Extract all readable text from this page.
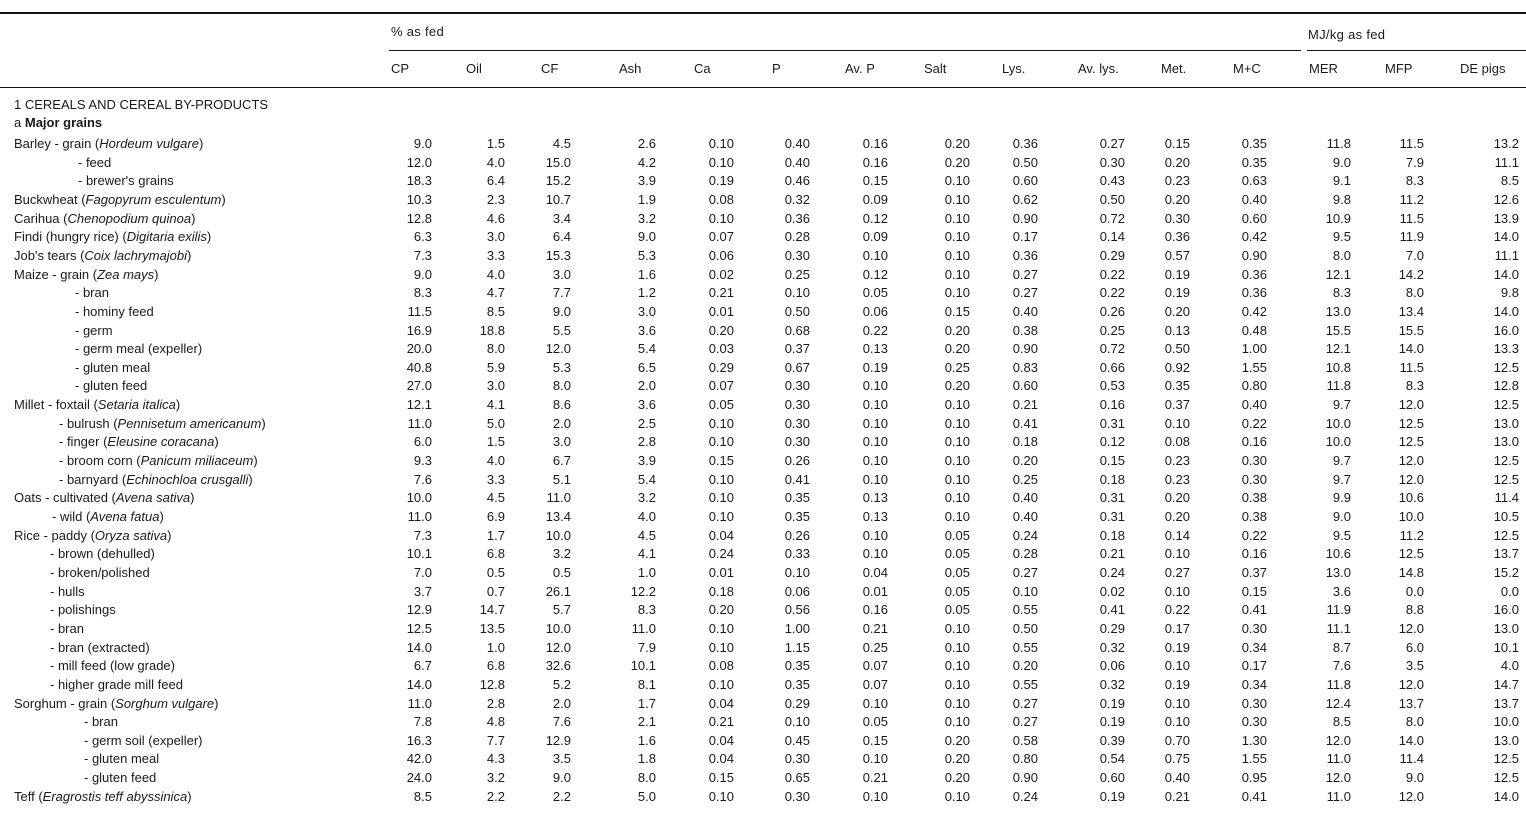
% as fed	MJ/kg as fed
CP	Oil	CF	Ash	Ca	P	Av. P	Salt	Lys.	Av. lys.	Met.	M+C	MER	MFP	DE pigs
1 CEREALS AND CEREAL BY-PRODUCTS
a Major grains
Barley - grain (Hordeum vulgare)	9.0	1.5	4.5	2.6	0.10	0.40	0.16	0.20	0.36	0.27	0.15	0.35	11.8	11.5	13.2
- feed	12.0	4.0	15.0	4.2	0.10	0.40	0.16	0.20	0.50	0.30	0.20	0.35	9.0	7.9	11.1
- brewer's grains	18.3	6.4	15.2	3.9	0.19	0.46	0.15	0.10	0.60	0.43	0.23	0.63	9.1	8.3	8.5
Buckwheat (Fagopyrum esculentum)	10.3	2.3	10.7	1.9	0.08	0.32	0.09	0.10	0.62	0.50	0.20	0.40	9.8	11.2	12.6
Carihua (Chenopodium quinoa)	12.8	4.6	3.4	3.2	0.10	0.36	0.12	0.10	0.90	0.72	0.30	0.60	10.9	11.5	13.9
Findi (hungry rice) (Digitaria exilis)	6.3	3.0	6.4	9.0	0.07	0.28	0.09	0.10	0.17	0.14	0.36	0.42	9.5	11.9	14.0
Job's tears (Coix lachrymajobi)	7.3	3.3	15.3	5.3	0.06	0.30	0.10	0.10	0.36	0.29	0.57	0.90	8.0	7.0	11.1
Maize - grain (Zea mays)	9.0	4.0	3.0	1.6	0.02	0.25	0.12	0.10	0.27	0.22	0.19	0.36	12.1	14.2	14.0
- bran	8.3	4.7	7.7	1.2	0.21	0.10	0.05	0.10	0.27	0.22	0.19	0.36	8.3	8.0	9.8
- hominy feed	11.5	8.5	9.0	3.0	0.01	0.50	0.06	0.15	0.40	0.26	0.20	0.42	13.0	13.4	14.0
- germ	16.9	18.8	5.5	3.6	0.20	0.68	0.22	0.20	0.38	0.25	0.13	0.48	15.5	15.5	16.0
- germ meal (expeller)	20.0	8.0	12.0	5.4	0.03	0.37	0.13	0.20	0.90	0.72	0.50	1.00	12.1	14.0	13.3
- gluten meal	40.8	5.9	5.3	6.5	0.29	0.67	0.19	0.25	0.83	0.66	0.92	1.55	10.8	11.5	12.5
- gluten feed	27.0	3.0	8.0	2.0	0.07	0.30	0.10	0.20	0.60	0.53	0.35	0.80	11.8	8.3	12.8
Millet - foxtail (Setaria italica)	12.1	4.1	8.6	3.6	0.05	0.30	0.10	0.10	0.21	0.16	0.37	0.40	9.7	12.0	12.5
- bulrush (Pennisetum americanum)	11.0	5.0	2.0	2.5	0.10	0.30	0.10	0.10	0.41	0.31	0.10	0.22	10.0	12.5	13.0
- finger (Eleusine coracana)	6.0	1.5	3.0	2.8	0.10	0.30	0.10	0.10	0.18	0.12	0.08	0.16	10.0	12.5	13.0
- broom corn (Panicum miliaceum)	9.3	4.0	6.7	3.9	0.15	0.26	0.10	0.10	0.20	0.15	0.23	0.30	9.7	12.0	12.5
- barnyard (Echinochloa crusgalli)	7.6	3.3	5.1	5.4	0.10	0.41	0.10	0.10	0.25	0.18	0.23	0.30	9.7	12.0	12.5
Oats - cultivated (Avena sativa)	10.0	4.5	11.0	3.2	0.10	0.35	0.13	0.10	0.40	0.31	0.20	0.38	9.9	10.6	11.4
- wild (Avena fatua)	11.0	6.9	13.4	4.0	0.10	0.35	0.13	0.10	0.40	0.31	0.20	0.38	9.0	10.0	10.5
Rice - paddy (Oryza sativa)	7.3	1.7	10.0	4.5	0.04	0.26	0.10	0.05	0.24	0.18	0.14	0.22	9.5	11.2	12.5
- brown (dehulled)	10.1	6.8	3.2	4.1	0.24	0.33	0.10	0.05	0.28	0.21	0.10	0.16	10.6	12.5	13.7
- broken/polished	7.0	0.5	0.5	1.0	0.01	0.10	0.04	0.05	0.27	0.24	0.27	0.37	13.0	14.8	15.2
- hulls	3.7	0.7	26.1	12.2	0.18	0.06	0.01	0.05	0.10	0.02	0.10	0.15	3.6	0.0	0.0
- polishings	12.9	14.7	5.7	8.3	0.20	0.56	0.16	0.05	0.55	0.41	0.22	0.41	11.9	8.8	16.0
- bran	12.5	13.5	10.0	11.0	0.10	1.00	0.21	0.10	0.50	0.29	0.17	0.30	11.1	12.0	13.0
- bran (extracted)	14.0	1.0	12.0	7.9	0.10	1.15	0.25	0.10	0.55	0.32	0.19	0.34	8.7	6.0	10.1
- mill feed (low grade)	6.7	6.8	32.6	10.1	0.08	0.35	0.07	0.10	0.20	0.06	0.10	0.17	7.6	3.5	4.0
- higher grade mill feed	14.0	12.8	5.2	8.1	0.10	0.35	0.07	0.10	0.55	0.32	0.19	0.34	11.8	12.0	14.7
Sorghum - grain (Sorghum vulgare)	11.0	2.8	2.0	1.7	0.04	0.29	0.10	0.10	0.27	0.19	0.10	0.30	12.4	13.7	13.7
- bran	7.8	4.8	7.6	2.1	0.21	0.10	0.05	0.10	0.27	0.19	0.10	0.30	8.5	8.0	10.0
- germ soil (expeller)	16.3	7.7	12.9	1.6	0.04	0.45	0.15	0.20	0.58	0.39	0.70	1.30	12.0	14.0	13.0
- gluten meal	42.0	4.3	3.5	1.8	0.04	0.30	0.10	0.20	0.80	0.54	0.75	1.55	11.0	11.4	12.5
- gluten feed	24.0	3.2	9.0	8.0	0.15	0.65	0.21	0.20	0.90	0.60	0.40	0.95	12.0	9.0	12.5
Teff (Eragrostis teff abyssinica)	8.5	2.2	2.2	5.0	0.10	0.30	0.10	0.10	0.24	0.19	0.21	0.41	11.0	12.0	14.0
